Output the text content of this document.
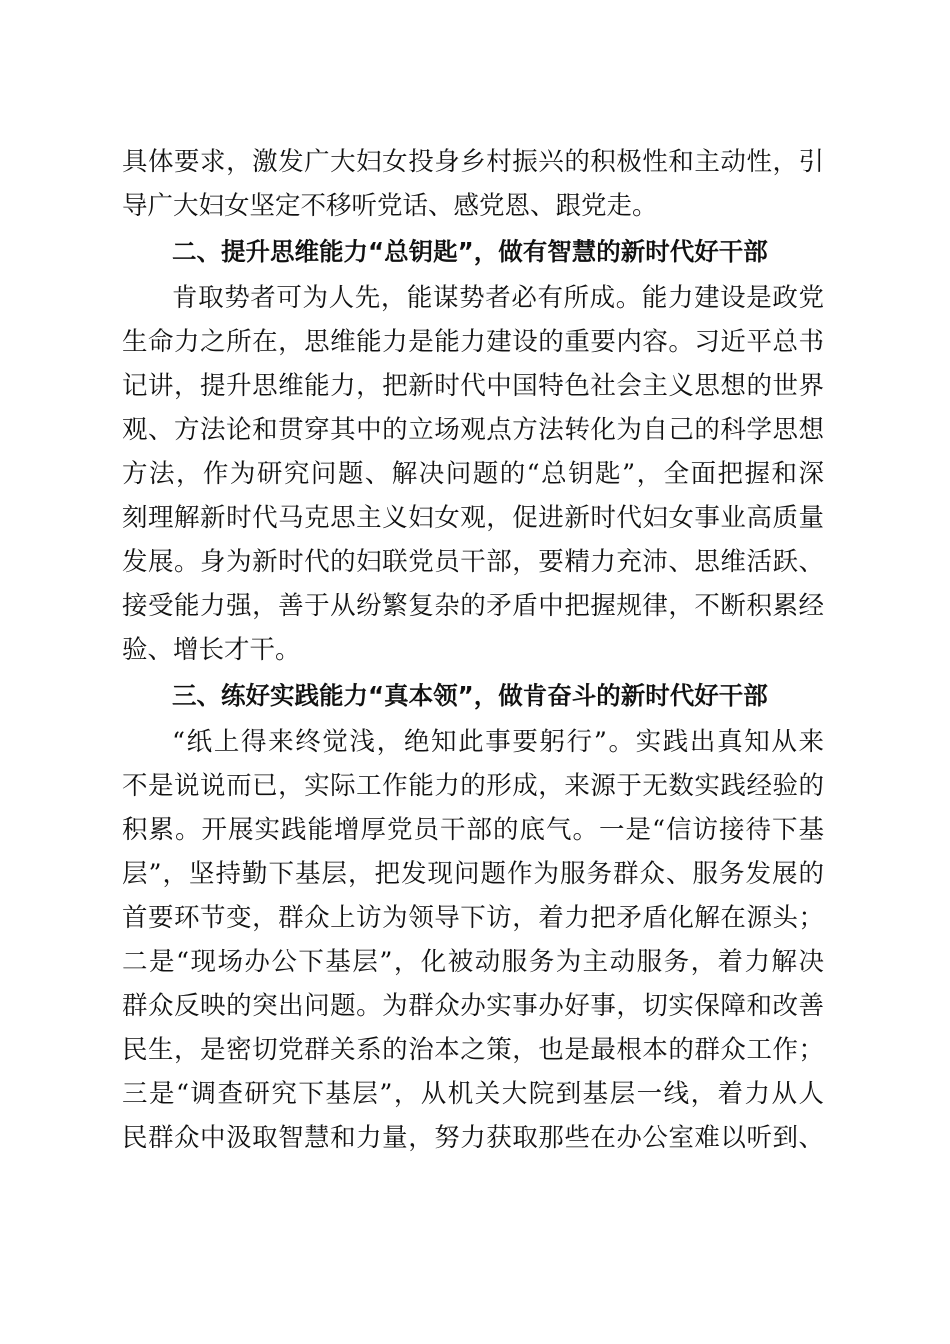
具体要求，激发广大妇女投身乡村振兴的积极性和主动性，引
导广大妇女坚定不移听党话、感党恩、跟党走。
二、提升思维能力“总钥匙”，做有智慧的新时代好干部
肯取势者可为人先，能谋势者必有所成。能力建设是政党
生命力之所在，思维能力是能力建设的重要内容。习近平总书
记讲，提升思维能力，把新时代中国特色社会主义思想的世界
观、方法论和贯穿其中的立场观点方法转化为自己的科学思想
方法，作为研究问题、解决问题的“总钥匙”，全面把握和深
刻理解新时代马克思主义妇女观，促进新时代妇女事业高质量
发展。身为新时代的妇联党员干部，要精力充沛、思维活跃、
接受能力强，善于从纷繁复杂的矛盾中把握规律，不断积累经
验、增长才干。
三、练好实践能力“真本领”，做肯奋斗的新时代好干部
“纸上得来终觉浅，绝知此事要躬行”。实践出真知从来
不是说说而已，实际工作能力的形成，来源于无数实践经验的
积累。开展实践能增厚党员干部的底气。一是“信访接待下基
层”，坚持勤下基层，把发现问题作为服务群众、服务发展的
首要环节变，群众上访为领导下访，着力把矛盾化解在源头；
二是“现场办公下基层”，化被动服务为主动服务，着力解决
群众反映的突出问题。为群众办实事办好事，切实保障和改善
民生，是密切党群关系的治本之策，也是最根本的群众工作；
三是“调查研究下基层”，从机关大院到基层一线，着力从人
民群众中汲取智慧和力量，努力获取那些在办公室难以听到、
